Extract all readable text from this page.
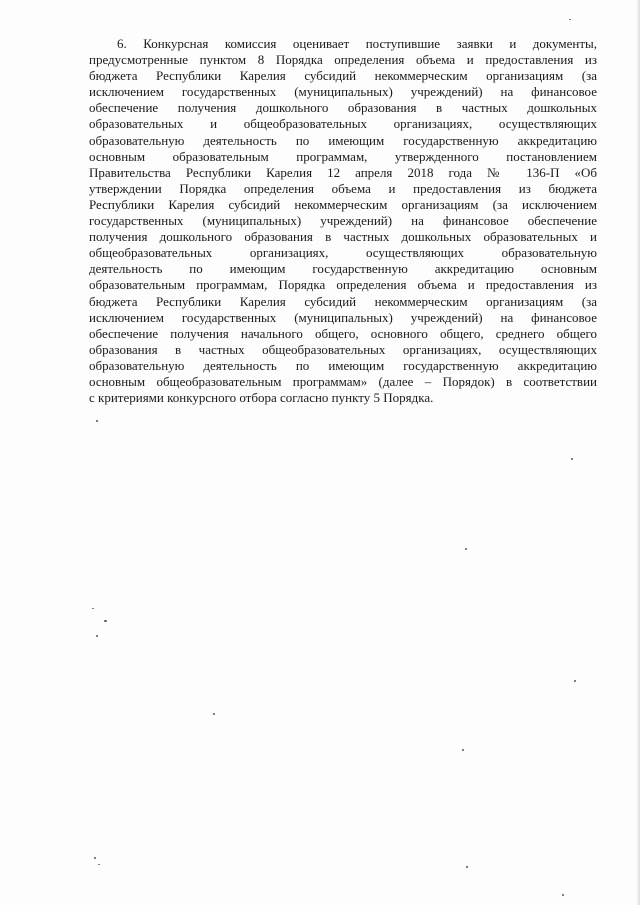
6. Конкурсная комиссия оценивает поступившие заявки и документы,
предусмотренные пунктом 8 Порядка определения объема и предоставления из
бюджета Республики Карелия субсидий некоммерческим организациям (за
исключением государственных (муниципальных) учреждений) на финансовое
обеспечение получения дошкольного образования в частных дошкольных
образовательных и общеобразовательных организациях, осуществляющих
образовательную деятельность по имеющим государственную аккредитацию
основным образовательным программам, утвержденного постановлением
Правительства Республики Карелия 12 апреля 2018 года № 136-П «Об
утверждении Порядка определения объема и предоставления из бюджета
Республики Карелия субсидий некоммерческим организациям (за исключением
государственных (муниципальных) учреждений) на финансовое обеспечение
получения дошкольного образования в частных дошкольных образовательных и
общеобразовательных организациях, осуществляющих образовательную
деятельность по имеющим государственную аккредитацию основным
образовательным программам, Порядка определения объема и предоставления из
бюджета Республики Карелия субсидий некоммерческим организациям (за
исключением государственных (муниципальных) учреждений) на финансовое
обеспечение получения начального общего, основного общего, среднего общего
образования в частных общеобразовательных организациях, осуществляющих
образовательную деятельность по имеющим государственную аккредитацию
основным общеобразовательным программам» (далее – Порядок) в соответствии
с критериями конкурсного отбора согласно пункту 5 Порядка.
